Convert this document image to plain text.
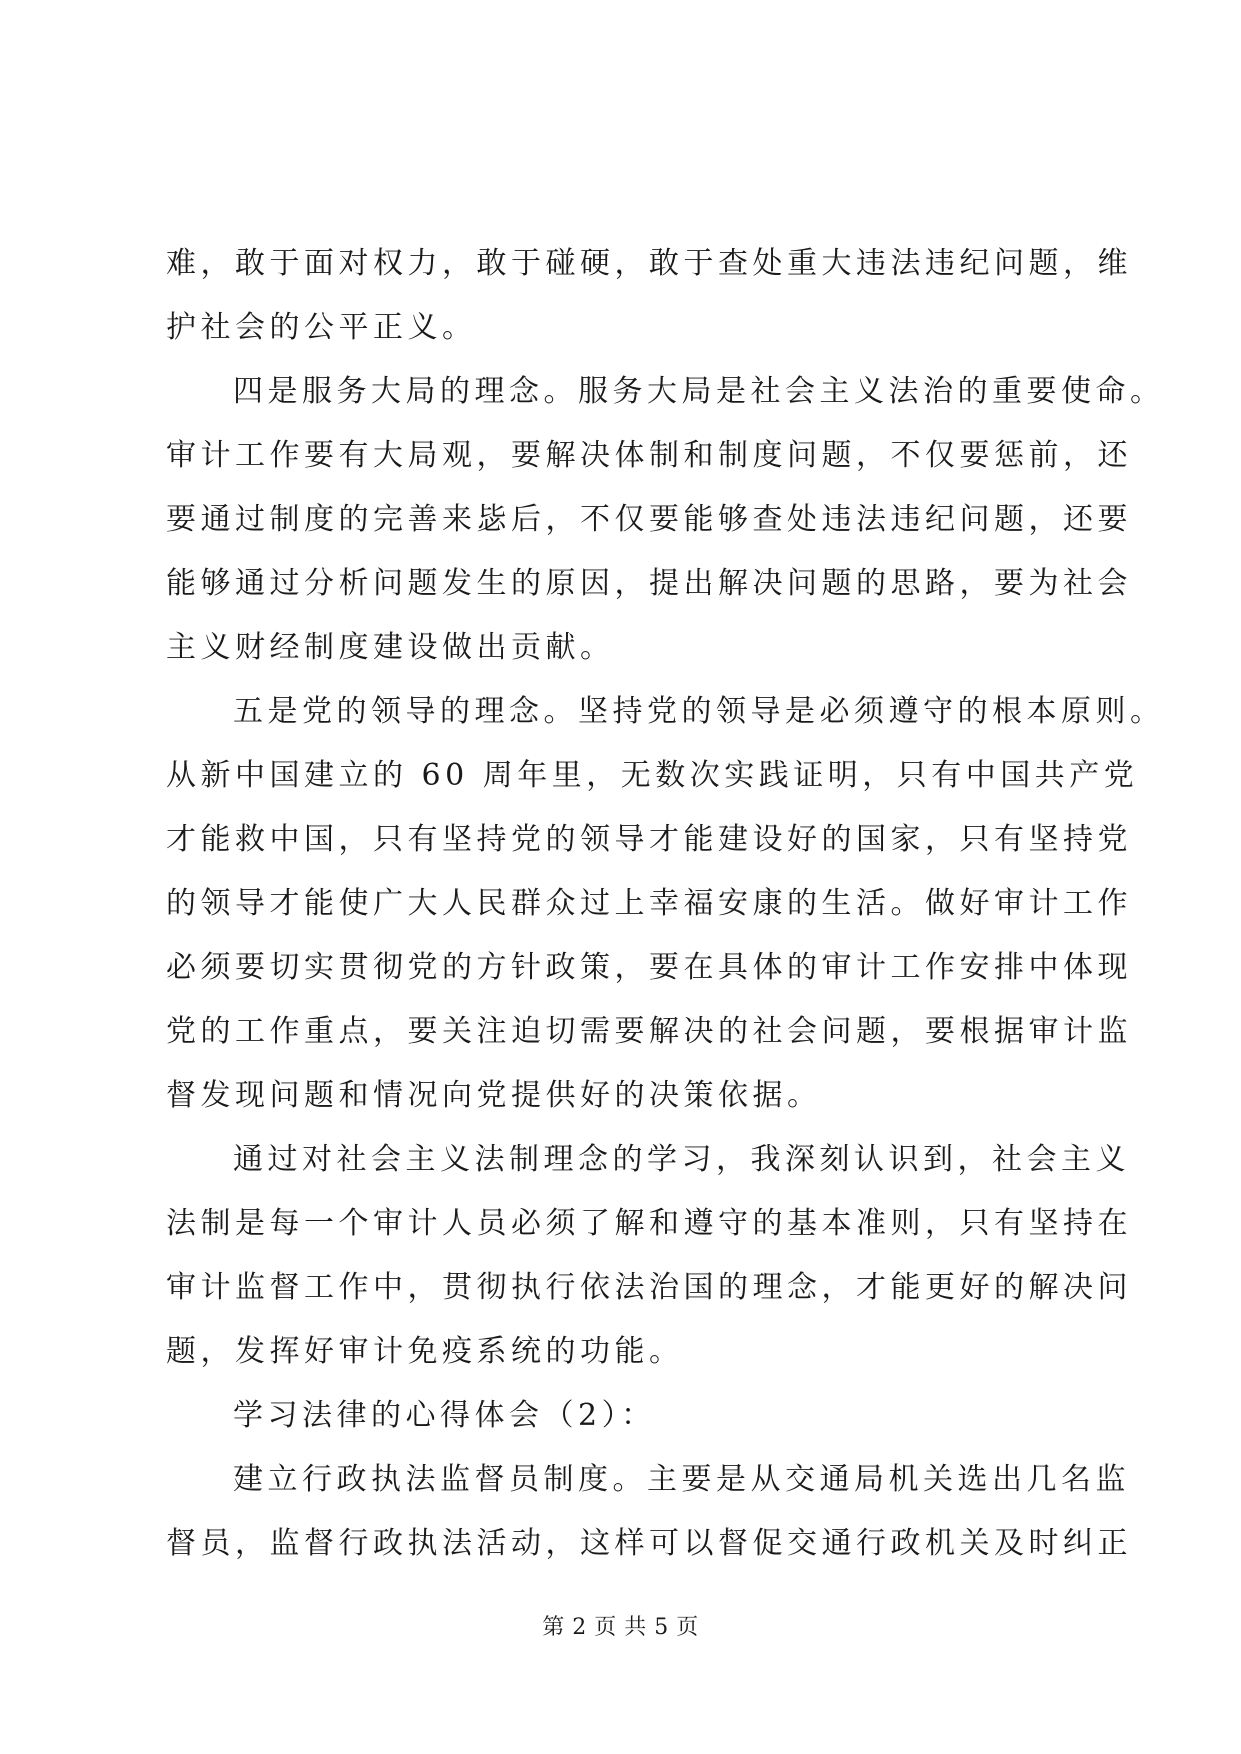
难，敢于面对权力，敢于碰硬，敢于查处重大违法违纪问题，维

护社会的公平正义。

四是服务大局的理念。服务大局是社会主义法治的重要使命。

审计工作要有大局观，要解决体制和制度问题，不仅要惩前，还

要通过制度的完善来毖后，不仅要能够查处违法违纪问题，还要

能够通过分析问题发生的原因，提出解决问题的思路，要为社会

主义财经制度建设做出贡献。

五是党的领导的理念。坚持党的领导是必须遵守的根本原则。

从新中国建立的 60 周年里，无数次实践证明，只有中国共产党

才能救中国，只有坚持党的领导才能建设好的国家，只有坚持党

的领导才能使广大人民群众过上幸福安康的生活。做好审计工作

必须要切实贯彻党的方针政策，要在具体的审计工作安排中体现

党的工作重点，要关注迫切需要解决的社会问题，要根据审计监

督发现问题和情况向党提供好的决策依据。

通过对社会主义法制理念的学习，我深刻认识到，社会主义

法制是每一个审计人员必须了解和遵守的基本准则，只有坚持在

审计监督工作中，贯彻执行依法治国的理念，才能更好的解决问

题，发挥好审计免疫系统的功能。

学习法律的心得体会（2）：

建立行政执法监督员制度。主要是从交通局机关选出几名监

督员，监督行政执法活动，这样可以督促交通行政机关及时纠正

第 2 页 共 5 页
